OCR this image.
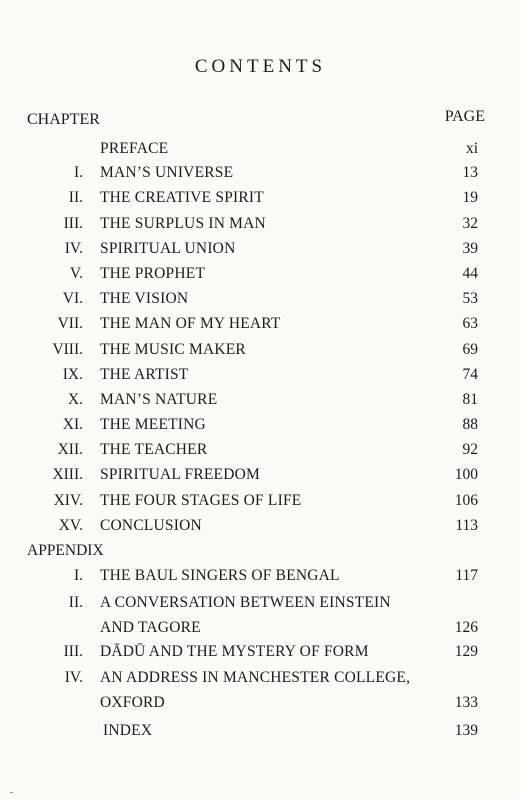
CONTENTS
CHAPTER	PAGE
PREFACE	xi
I. MAN’S UNIVERSE	13
II. THE CREATIVE SPIRIT	19
III. THE SURPLUS IN MAN	32
IV. SPIRITUAL UNION	39
V. THE PROPHET	44
VI. THE VISION	53
VII. THE MAN OF MY HEART	63
VIII. THE MUSIC MAKER	69
IX. THE ARTIST	74
X. MAN’S NATURE	81
XI. THE MEETING	88
XII. THE TEACHER	92
XIII. SPIRITUAL FREEDOM	100
XIV. THE FOUR STAGES OF LIFE	106
XV. CONCLUSION	113
APPENDIX
I. THE BAUL SINGERS OF BENGAL	117
II. A CONVERSATION BETWEEN EINSTEIN
AND TAGORE	126
III. DĀDŪ AND THE MYSTERY OF FORM	129
IV. AN ADDRESS IN MANCHESTER COLLEGE,
OXFORD	133
INDEX	139
